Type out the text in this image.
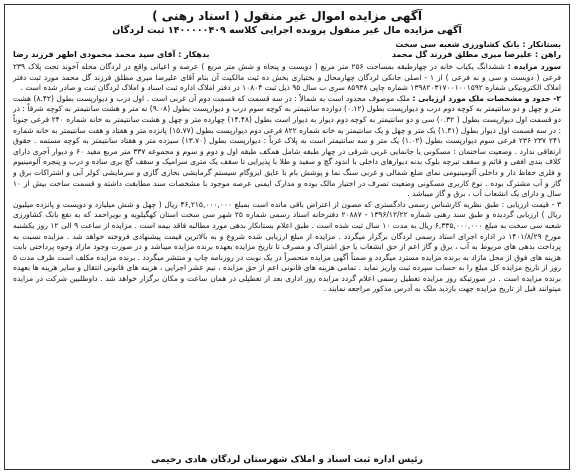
آگهی مزایده اموال غیر منقول ( اسناد رهنی )
آگهی مزایده مال غیر منقول پرونده اجرایی کلاسه ۱۴۰۰۰۰۰۴۰۹ ثبت لردگان
بستانکار : بانک کشاورزی شعبه سی سخت
راهن : علیرضا میری مطلق فرزند گل محمد
بدهکار : آقای سید محمد محمودی اطهر فرزند رضا

سورد مزایده : ششدانگ یکباب خانه در چهارطبقه بمساحت ۲۵۶ متر مربع ( دویست و پنجاه و شش متر مربع ) عرصه و اعیانی واقع در لردگان محله آخوند تحت پلاک ۲۳۹ فرعی ( دویست و سی و نه فرعی ) از ۱ - اصلی جانکی لردگان چهارمحال و بختیاری بخش ده ثبت مالکیت آن بنام آقای علیرضا میری مطلق فرزند گل محمد مورد ثبت دفتر املاک الکترونیکی شماره ۱۳۹۸۲۰۳۱۷۰۰۱۰۰۱۵۹۲ شماره چاپی ۸۵۹۳۸ سری ب سال ۹۵ ذیل ثبت ۱۰۸۰۴ در دفتر املاک اداره ثبت اسناد و املاک لردگان ثبت و صادر شده است .

۲- حدود و مشخصات ملک مورد ارزیابی : ملک موصوف محدود است به شمالاً : در سه قسمت که قسمت دوم آن غربی است . اول درب و دیوارپست بطول (۸.۴۲) هشت متر و چهل و دو سانتیمتر به کوچه دوم درب و دیوارپست بطول (۰.۱۲) دوازده سانتیمتر به کوچه سوم درب و دیوارپست بطول (۹.۰۸) نه متر و هشت سانتیمتر به کوچه شرقاً : در دو قسمت اول دیوارپست بطول ( ۰.۳۲) سی و دو سانتیمتر به کوچه دوم دیوار به دیوار است بطول (۱۴.۴۸) چهارده متر و چهل و هشت سانتیمتر به خانه شماره ۲۴۰ فرعی جنوباً : در سه قسمت اول دیوار بطول (۱.۴۱) یک متر و چهل و یک سانتیمتر به خانه شماره ۸۲۲ فرعی دوم دیوارپست بطول (۱۵.۷۷) پانزده متر و هفتاد و هفت سانتیمتر به خانه شماره ۲۴۱ ۲۳۷ ۲۳۶ فرعی سوم دیوارپست بطول (۱.۰۲) یک متر و سه سانتیمتر است به پلاک غرباً : دیوارپست بطول (۱۳.۷۰) سیزده متر و هفتاد سانتیمتر به کوچه مستمه . حقوق ارتفاقی ندارد . وضعیت ساختمان : مسکونی یا جانمایی غربی شرقی در چهار طبقه شامل همکف طبقه اول و دوم و سوم و مجموعه ۳۳۷ متر مربع مفید ۶۰ و دیوار آجری دارای کلاف بندی افقی و قائم و سقف تیرچه بلوک بدنه دیوارهای داخلی با اندود گچ و سفید و طلا با پذیرایی تا سقف یک متری سرامیک و سقف گچ بری ساده و درب و پنجره آلومینیوم و فلزی حفاظ دار و داخلی آلومینیومی نمای ضلع شمالی و غربی سنگ نما و پوشش بام با عایق ایزوگام سیستم گرمایشی بخاری گازی و سرمایشی کولر آبی و اشتراکات برق و گاز و آب مشترک بوده . نوع کاربری مسکونی وضعیت تصرف در اختیار مالک بوده و مدارک ایمنی عرصه موجود با مشخصات سند مطابقت داشته و قسمت ساخت بیش از ۱۰ سال و دارای یک انشعاب آب ، برق و گاز میباشد .

۳ - قیمت ارزیابی : طبق نظریه کارشناس رسمی دادگستری که مصون از اعتراض باقی مانده است بمبلغ ۴۶,۲۱۵,۰۰۰,۰۰۰ ریال ( چهل و شش میلیارد و دویست و پانزده میلیون ریال ) ارزیابی گردیده و طبق سند رهنی شماره ۱۳۹۶/۱۲/۲۲ - ۲۰۸۸۷ دفترخانه اسناد رسمی شماره ۲۵ شهر سی سخت استان کهگیلویه و بویراحمد که به نفع بانک کشاورزی شعبه سی سخت به مبلغ ۶,۳۳۵,۰۰۰,۰۰۰ ریال به مدت ۱۰ سال ثبت شده است . طبق اعلام بستانکار بدهی مورد مطالبه فاقد بیمه است . مزایده از ساعت ۹ الی ۱۲ روز یکشنبه مورخ ۱۴۰۱/۸/۲۹ در اداره اجرای اسناد رسمی لردگان برگزار میگردد . مزایده از مبلغ ارزیابی شده شروع و به بالاترین قیمت پیشنهادی فروخته خواهد شد . مزایده نسبت به پرداخت بدهی های مربوط به آب ، برق و گاز اعم از حق انشعاب یا حق اشتراک و مصرف تا تاریخ مزایده بعهده برنده مزایده میباشد و در صورت وجود مازاد وجوه پرداختی بابت هزینه های فوق از محل مازاد به برنده مزایده مسترد میگردد و ضمناً آگهی مزایده منحصراً در یک نوبت در روزنامه چاپ و منتشر میگردد . برنده مزایده مکلف است ظرف مدت ۵ روز از تاریخ مزایده کل مبلغ را به حساب سپرده ثبت واریز نماید . تمامی هزینه های قانونی اعم از حق مزایده ، نیم عشر اجرایی ، هزینه های قانونی انتقال و سایر هزینه ها بعهده برنده مزایده است . در صورتیکه روز مزایده تعطیل رسمی اعلام گردد مزایده روز اداری بعد از تعطیلی در همان ساعت و مکان برگزار خواهد شد . داوطلبین شرکت در مزایده میتوانند قبل از تاریخ مزایده جهت بازدید ملک به آدرس مذکور مراجعه نمایند .

رئیس اداره ثبت اسناد و املاک شهرستان لردگان هادی رحیمی
